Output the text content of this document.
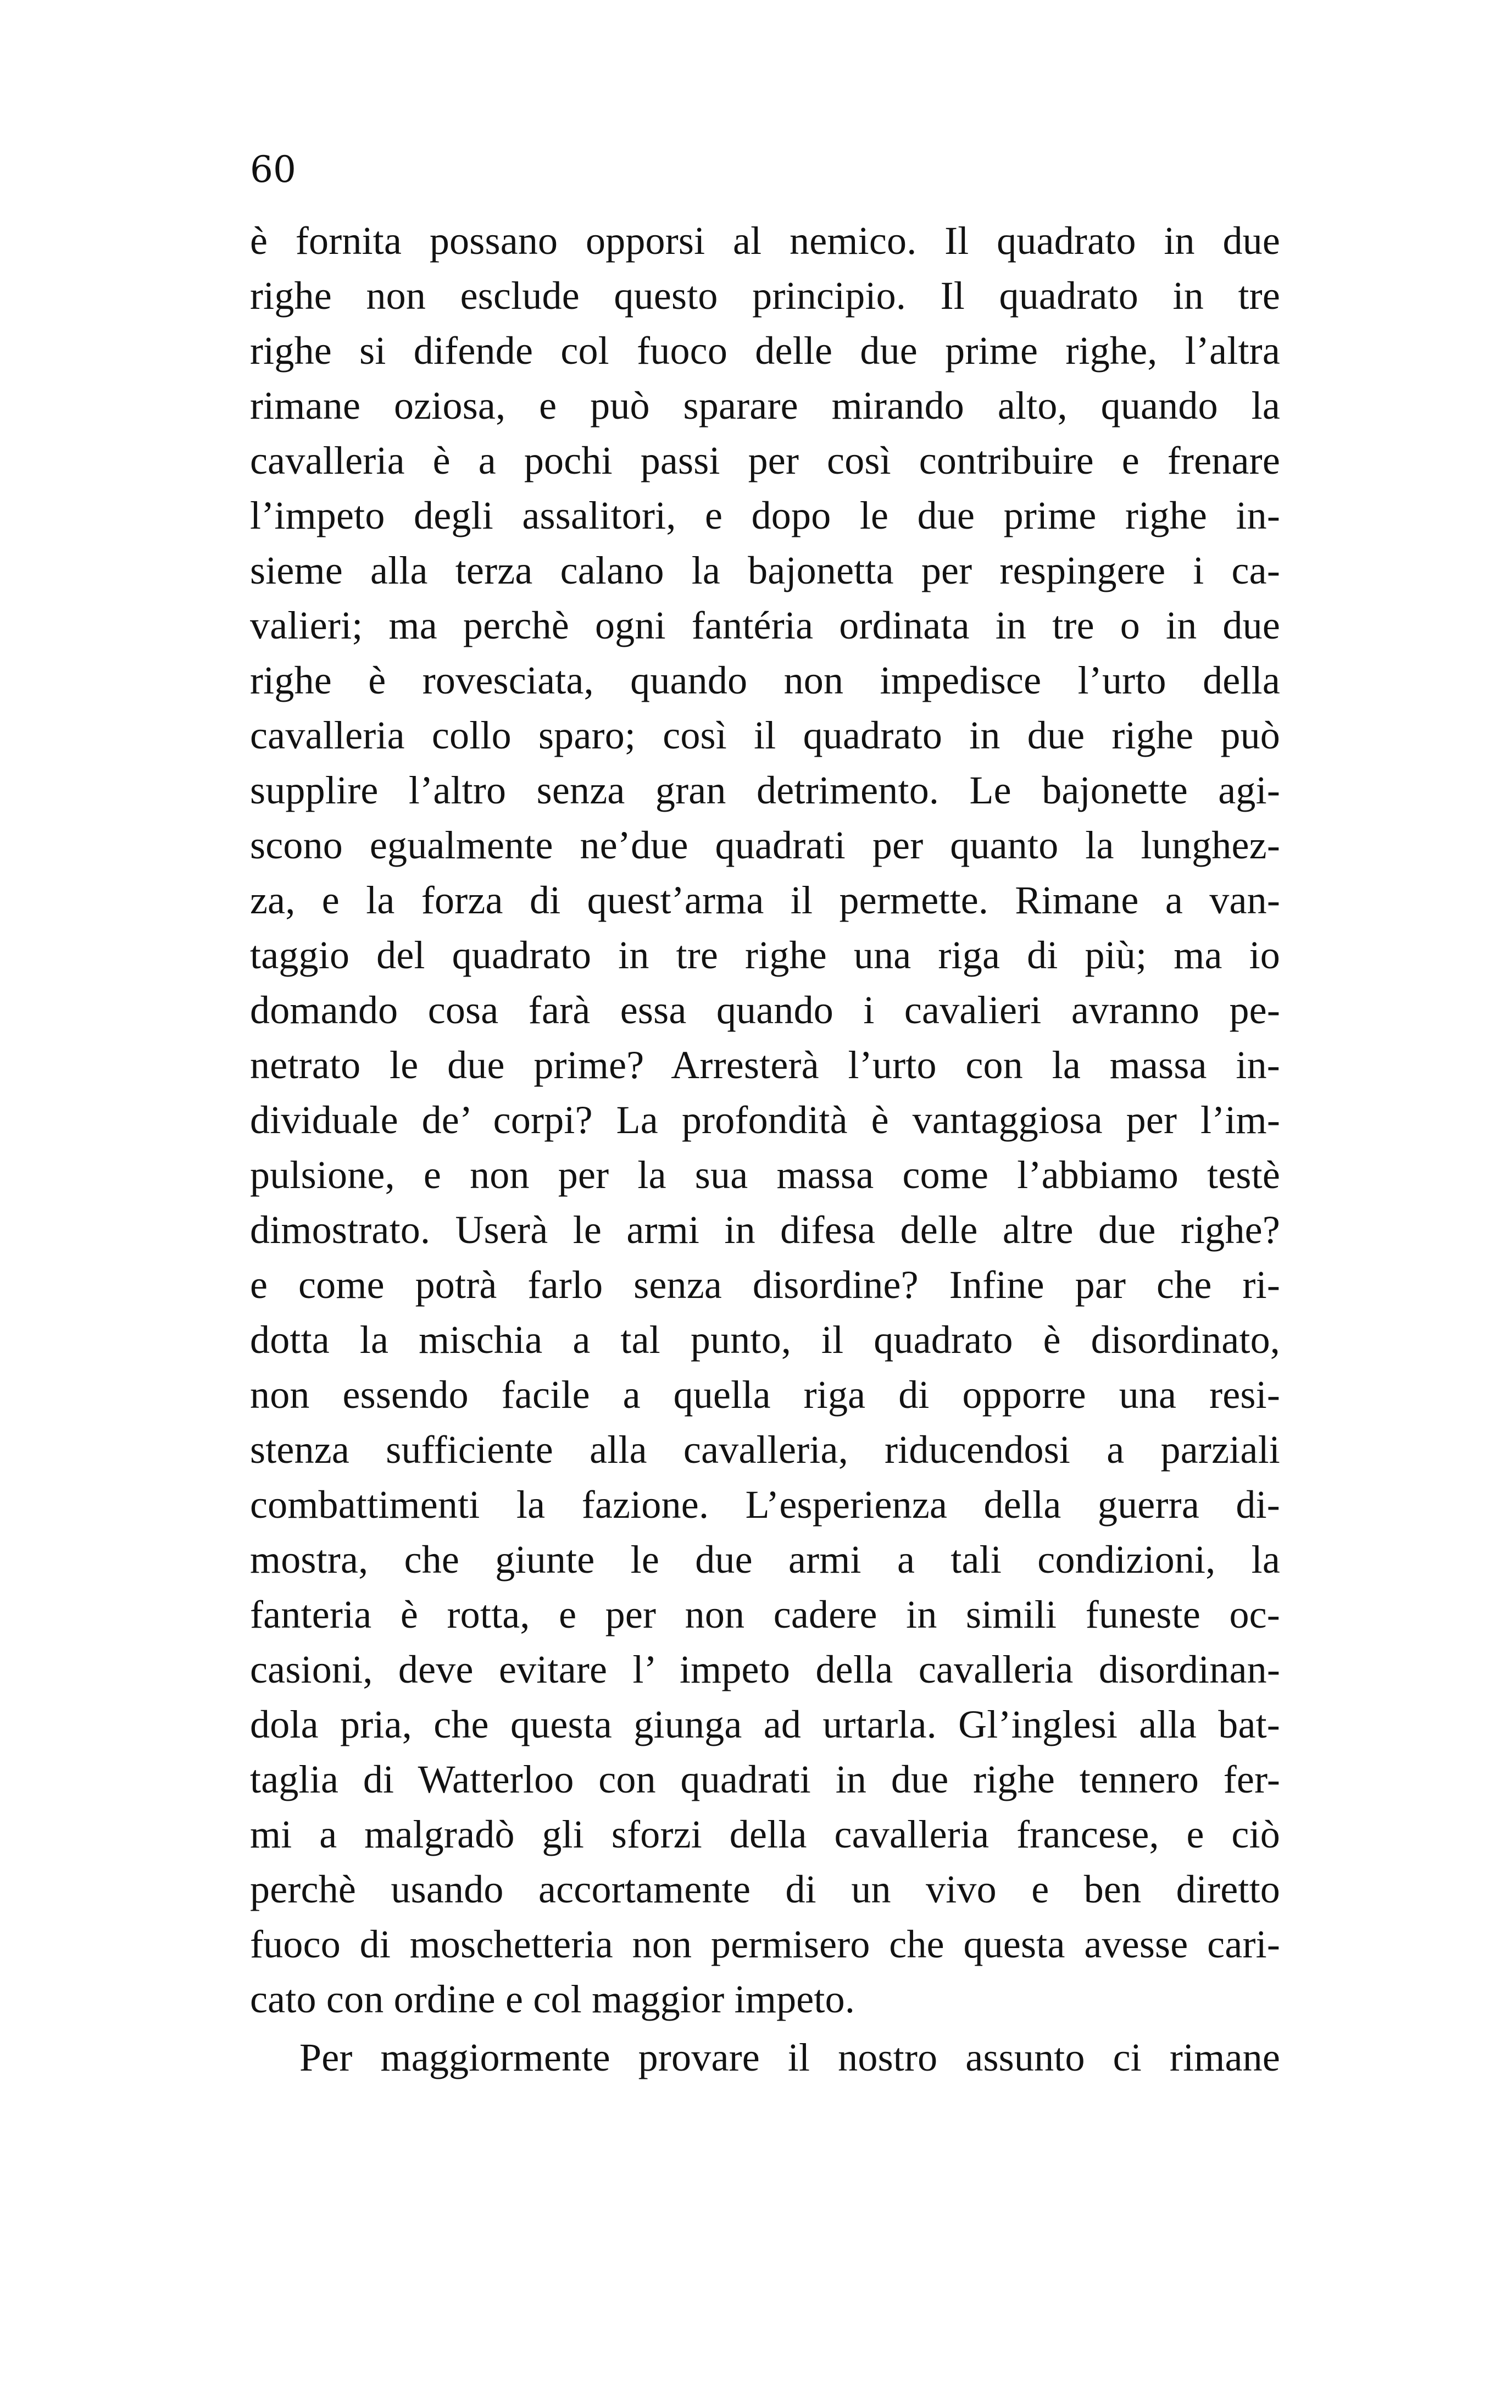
60
è fornita possano opporsi al nemico. Il quadrato in due
righe non esclude questo principio. Il quadrato in tre
righe si difende col fuoco delle due prime righe, l’altra
rimane oziosa, e può sparare mirando alto, quando la
cavalleria è a pochi passi per così contribuire e frenare
l’impeto degli assalitori, e dopo le due prime righe in-
sieme alla terza calano la bajonetta per respingere i ca-
valieri; ma perchè ogni fantéria ordinata in tre o in due
righe è rovesciata, quando non impedisce l’urto della
cavalleria collo sparo; così il quadrato in due righe può
supplire l’altro senza gran detrimento. Le bajonette agi-
scono egualmente ne’due quadrati per quanto la lunghez-
za, e la forza di quest’arma il permette. Rimane a van-
taggio del quadrato in tre righe una riga di più; ma io
domando cosa farà essa quando i cavalieri avranno pe-
netrato le due prime? Arresterà l’urto con la massa in-
dividuale de’ corpi? La profondità è vantaggiosa per l’im-
pulsione, e non per la sua massa come l’abbiamo testè
dimostrato. Userà le armi in difesa delle altre due righe?
e come potrà farlo senza disordine? Infine par che ri-
dotta la mischia a tal punto, il quadrato è disordinato,
non essendo facile a quella riga di opporre una resi-
stenza sufficiente alla cavalleria, riducendosi a parziali
combattimenti la fazione. L’esperienza della guerra di-
mostra, che giunte le due armi a tali condizioni, la
fanteria è rotta, e per non cadere in simili funeste oc-
casioni, deve evitare l’ impeto della cavalleria disordinan-
dola pria, che questa giunga ad urtarla. Gl’inglesi alla bat-
taglia di Watterloo con quadrati in due righe tennero fer-
mi a malgradò gli sforzi della cavalleria francese, e ciò
perchè usando accortamente di un vivo e ben diretto
fuoco di moschetteria non permisero che questa avesse cari-
cato con ordine e col maggior impeto.
Per maggiormente provare il nostro assunto ci rimane
